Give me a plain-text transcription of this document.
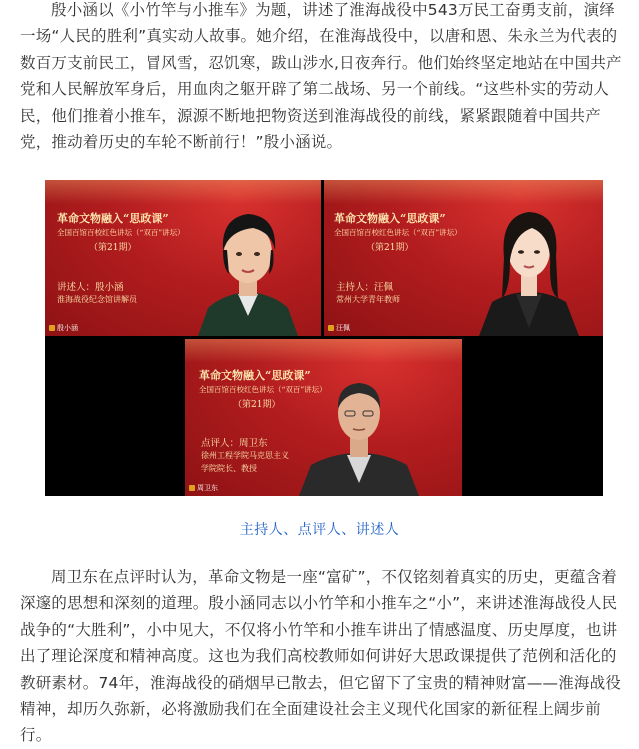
殷小涵以《小竹竿与小推车》为题，讲述了淮海战役中543万民工奋勇支前，演绎一场“人民的胜利”真实动人故事。她介绍，在淮海战役中，以唐和恩、朱永兰为代表的数百万支前民工，冒风雪，忍饥寒，跋山涉水,日夜奔行。他们始终坚定地站在中国共产党和人民解放军身后，用血肉之躯开辟了第二战场、另一个前线。“这些朴实的劳动人民，他们推着小推车，源源不断地把物资送到淮海战役的前线，紧紧跟随着中国共产党，推动着历史的车轮不断前行！”殷小涵说。

革命文物融入“思政课”
全国百馆百校红色讲坛（“双百”讲坛）
（第21期）
讲述人：殷小涵
淮海战役纪念馆讲解员
殷小涵
革命文物融入“思政课”
全国百馆百校红色讲坛（“双百”讲坛）
（第21期）
主持人：汪佩
常州大学青年教师
汪佩
革命文物融入“思政课”
全国百馆百校红色讲坛（“双百”讲坛）
（第21期）
点评人：周卫东
徐州工程学院马克思主义
学院院长、教授
周卫东
主持人、点评人、讲述人

周卫东在点评时认为，革命文物是一座“富矿”，不仅铭刻着真实的历史，更蕴含着深邃的思想和深刻的道理。殷小涵同志以小竹竿和小推车之“小”，来讲述淮海战役人民战争的“大胜利”，小中见大，不仅将小竹竿和小推车讲出了情感温度、历史厚度，也讲出了理论深度和精神高度。这也为我们高校教师如何讲好大思政课提供了范例和活化的教研素材。74年，淮海战役的硝烟早已散去，但它留下了宝贵的精神财富——淮海战役精神，却历久弥新，必将激励我们在全面建设社会主义现代化国家的新征程上阔步前行。
